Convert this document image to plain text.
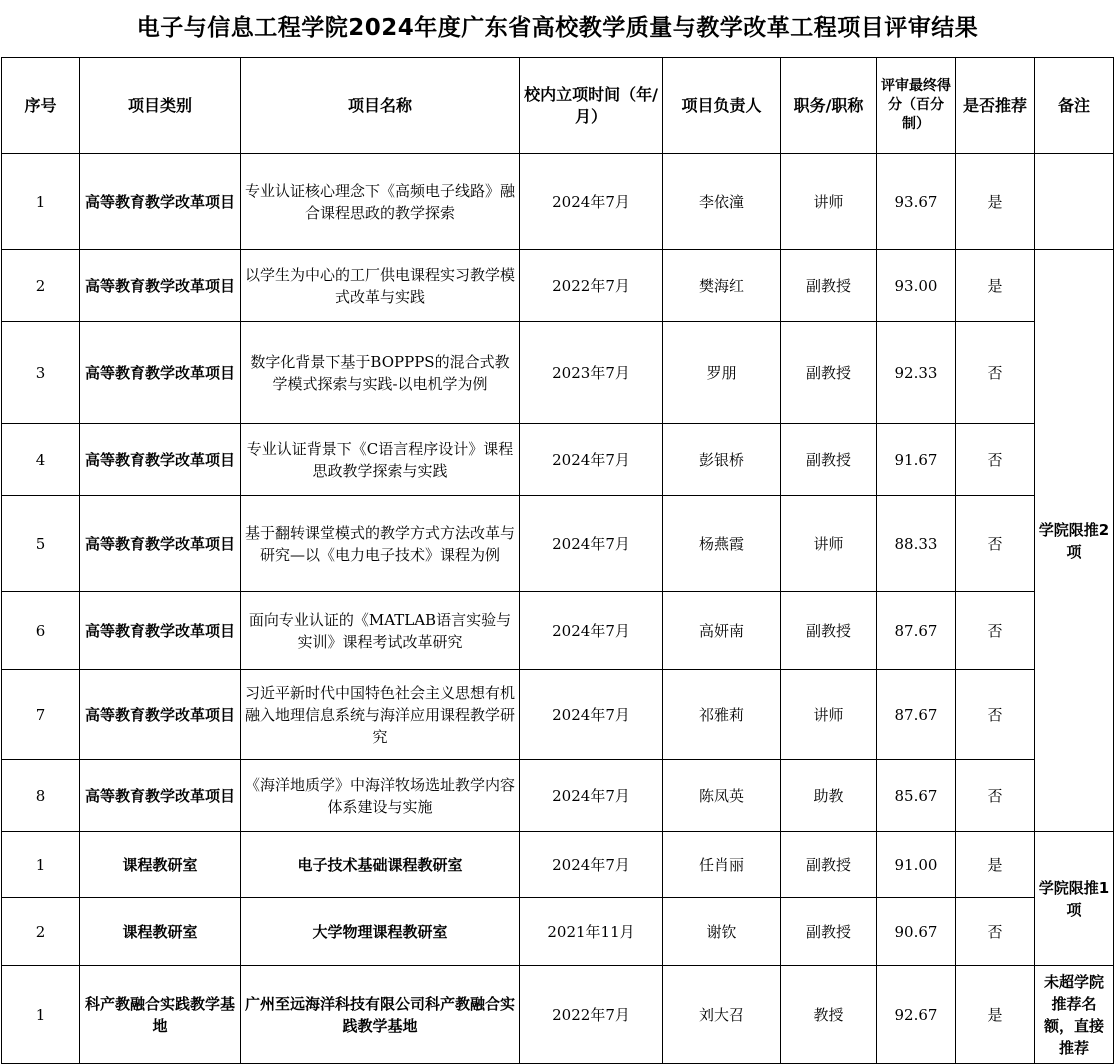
电子与信息工程学院2024年度广东省高校教学质量与教学改革工程项目评审结果
序号	项目类别	项目名称	校内立项时间（年/月）	项目负责人	职务/职称	评审最终得分（百分制）	是否推荐	备注
1	高等教育教学改革项目	专业认证核心理念下《高频电子线路》融合课程思政的教学探索	2024年7月	李依潼	讲师	93.67	是	
2	高等教育教学改革项目	以学生为中心的工厂供电课程实习教学模式改革与实践	2022年7月	樊海红	副教授	93.00	是	学院限推2项
3	高等教育教学改革项目	数字化背景下基于BOPPPS的混合式教学模式探索与实践-以电机学为例	2023年7月	罗朋	副教授	92.33	否	
4	高等教育教学改革项目	专业认证背景下《C语言程序设计》课程思政教学探索与实践	2024年7月	彭银桥	副教授	91.67	否	
5	高等教育教学改革项目	基于翻转课堂模式的教学方式方法改革与研究—以《电力电子技术》课程为例	2024年7月	杨燕霞	讲师	88.33	否	
6	高等教育教学改革项目	面向专业认证的《MATLAB语言实验与实训》课程考试改革研究	2024年7月	高妍南	副教授	87.67	否	
7	高等教育教学改革项目	习近平新时代中国特色社会主义思想有机融入地理信息系统与海洋应用课程教学研究	2024年7月	祁雅莉	讲师	87.67	否	
8	高等教育教学改革项目	《海洋地质学》中海洋牧场选址教学内容体系建设与实施	2024年7月	陈凤英	助教	85.67	否	
1	课程教研室	电子技术基础课程教研室	2024年7月	任肖丽	副教授	91.00	是	学院限推1项
2	课程教研室	大学物理课程教研室	2021年11月	谢钦	副教授	90.67	否	
1	科产教融合实践教学基地	广州至远海洋科技有限公司科产教融合实践教学基地	2022年7月	刘大召	教授	92.67	是	未超学院推荐名额，直接推荐
